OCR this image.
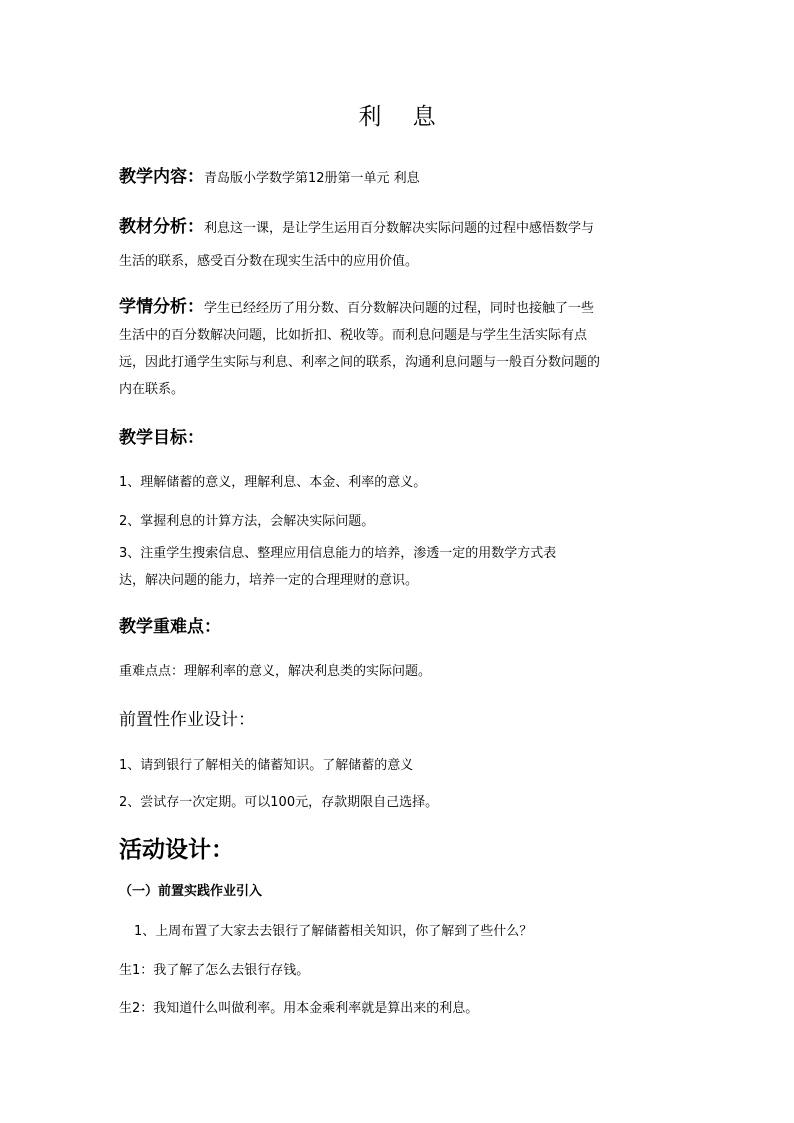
利 息
教学内容：青岛版小学数学第12册第一单元 利息
教材分析：利息这一课，是让学生运用百分数解决实际问题的过程中感悟数学与
生活的联系，感受百分数在现实生活中的应用价值。
学情分析：学生已经经历了用分数、百分数解决问题的过程，同时也接触了一些
生活中的百分数解决问题，比如折扣、税收等。而利息问题是与学生生活实际有点
远，因此打通学生实际与利息、利率之间的联系，沟通利息问题与一般百分数问题的
内在联系。
教学目标：
1、理解储蓄的意义，理解利息、本金、利率的意义。
2、掌握利息的计算方法，会解决实际问题。
3、注重学生搜索信息、整理应用信息能力的培养，渗透一定的用数学方式表
达，解决问题的能力，培养一定的合理理财的意识。
教学重难点：
重难点点：理解利率的意义，解决利息类的实际问题。
前置性作业设计：
1、请到银行了解相关的储蓄知识。了解储蓄的意义
2、尝试存一次定期。可以100元，存款期限自己选择。
活动设计：
（一）前置实践作业引入
1、上周布置了大家去去银行了解储蓄相关知识，你了解到了些什么？
生1：我了解了怎么去银行存钱。
生2：我知道什么叫做利率。用本金乘利率就是算出来的利息。
